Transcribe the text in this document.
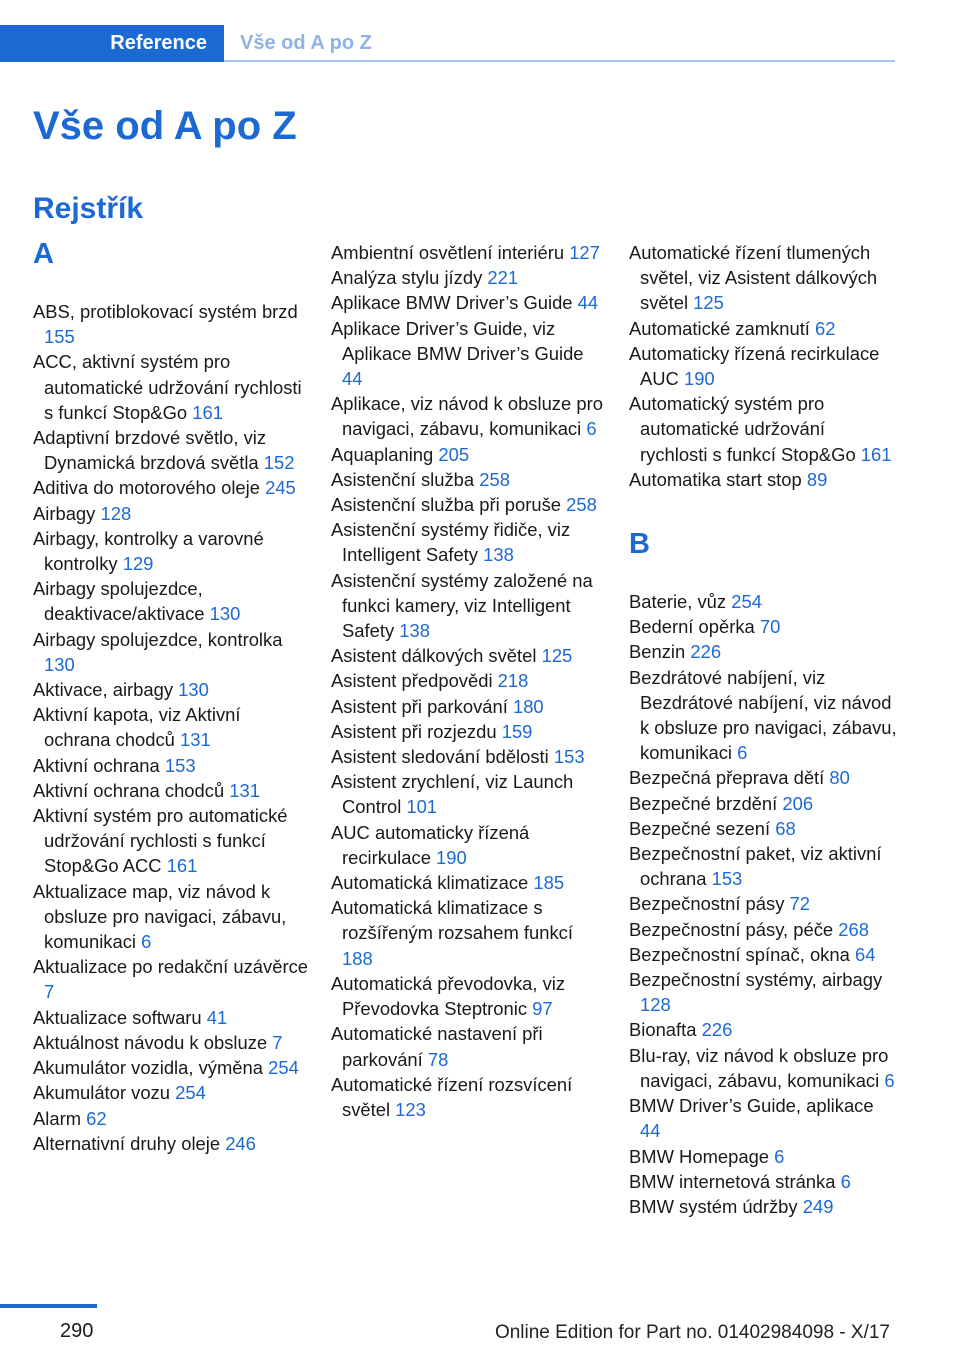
Reference Vše od A po Z
Vše od A po Z
Rejstřík
A

ABS, protiblokovací systém brzd 155

ACC, aktivní systém pro automatické udržování rychlosti s funkcí Stop&Go 161

Adaptivní brzdové světlo, viz Dynamická brzdová světla 152

Aditiva do motorového oleje 245

Airbagy 128

Airbagy, kontrolky a varovné kontrolky 129

Airbagy spolujezdce, deaktivace/aktivace 130

Airbagy spolujezdce, kontrolka 130

Aktivace, airbagy 130

Aktivní kapota, viz Aktivní ochrana chodců 131

Aktivní ochrana 153

Aktivní ochrana chodců 131

Aktivní systém pro automatické udržování rychlosti s funkcí Stop&Go ACC 161

Aktualizace map, viz návod k obsluze pro navigaci, zábavu, komunikaci 6

Aktualizace po redakční uzávěrce 7

Aktualizace softwaru 41

Aktuálnost návodu k obsluze 7

Akumulátor vozidla, výměna 254

Akumulátor vozu 254

Alarm 62

Alternativní druhy oleje 246

Ambientní osvětlení interiéru 127

Analýza stylu jízdy 221

Aplikace BMW Driver’s Guide 44

Aplikace Driver’s Guide, viz Aplikace BMW Driver’s Guide 44

Aplikace, viz návod k obsluze pro navigaci, zábavu, komunikaci 6

Aquaplaning 205

Asistenční služba 258

Asistenční služba při poruše 258

Asistenční systémy řidiče, viz Intelligent Safety 138

Asistenční systémy založené na funkci kamery, viz Intelligent Safety 138

Asistent dálkových světel 125

Asistent předpovědi 218

Asistent při parkování 180

Asistent při rozjezdu 159

Asistent sledování bdělosti 153

Asistent zrychlení, viz Launch Control 101

AUC automaticky řízená recirkulace 190

Automatická klimatizace 185

Automatická klimatizace s rozšířeným rozsahem funkcí 188

Automatická převodovka, viz Převodovka Steptronic 97

Automatické nastavení při parkování 78

Automatické řízení rozsvícení světel 123

Automatické řízení tlumených světel, viz Asistent dálkových světel 125

Automatické zamknutí 62

Automaticky řízená recirkulace AUC 190

Automatický systém pro automatické udržování rychlosti s funkcí Stop&Go 161

Automatika start stop 89

B

Baterie, vůz 254

Bederní opěrka 70

Benzin 226

Bezdrátové nabíjení, viz Bezdrátové nabíjení, viz návod k obsluze pro navigaci, zábavu, komunikaci 6

Bezpečná přeprava dětí 80

Bezpečné brzdění 206

Bezpečné sezení 68

Bezpečnostní paket, viz aktivní ochrana 153

Bezpečnostní pásy 72

Bezpečnostní pásy, péče 268

Bezpečnostní spínač, okna 64

Bezpečnostní systémy, airbagy 128

Bionafta 226

Blu-ray, viz návod k obsluze pro navigaci, zábavu, komunikaci 6

BMW Driver’s Guide, aplikace 44

BMW Homepage 6

BMW internetová stránka 6

BMW systém údržby 249

290	Online Edition for Part no. 01402984098 - X/17
